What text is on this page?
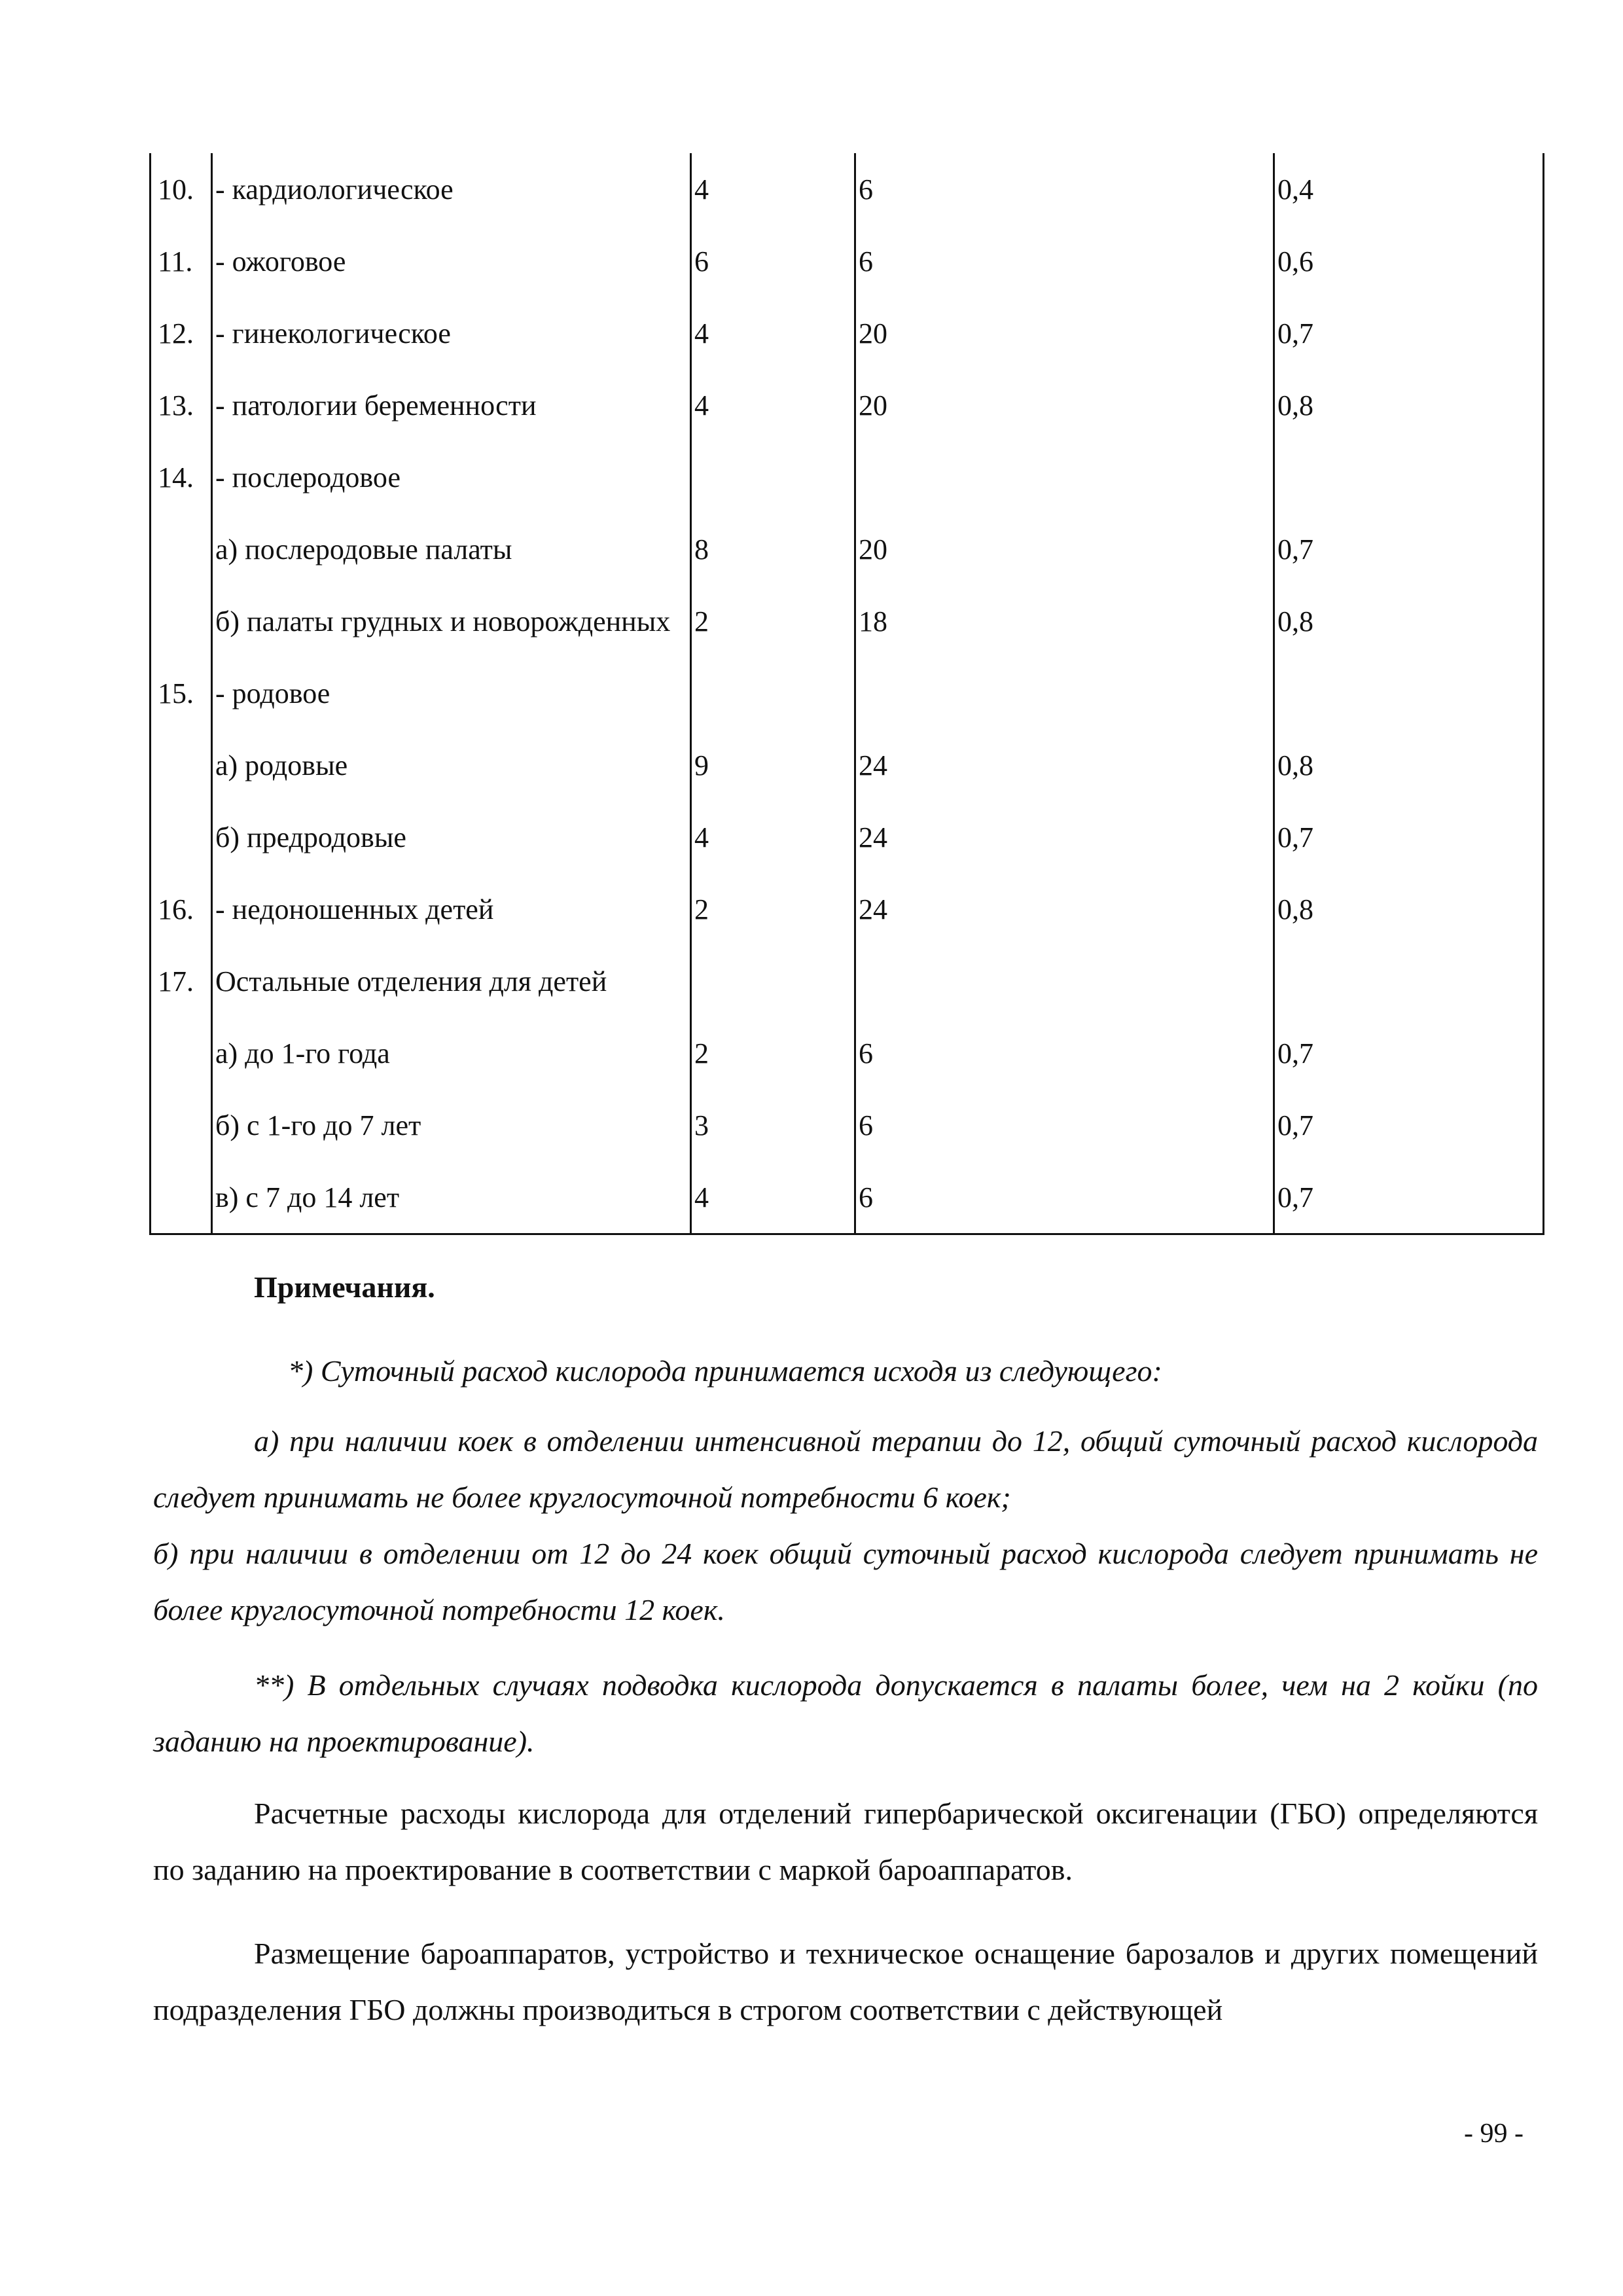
10.	- кардиологическое	4	6	0,4
11.	- ожоговое	6	6	0,6
12.	- гинекологическое	4	20	0,7
13.	- патологии беременности	4	20	0,8
14.	- послеродовое			
	а) послеродовые палаты	8	20	0,7
	б) палаты грудных и новорожденных	2	18	0,8
15.	- родовое			
	а) родовые	9	24	0,8
	б) предродовые	4	24	0,7
16.	- недоношенных детей	2	24	0,8
17.	Остальные отделения для детей			
	а) до 1-го года	2	6	0,7
	б) с 1-го до 7 лет	3	6	0,7
	в) с 7 до 14 лет	4	6	0,7
Примечания.
*) Суточный расход кислорода принимается исходя из следующего:
а) при наличии коек в отделении интенсивной терапии до 12, общий суточный расход кислорода следует принимать не более круглосуточной потребности 6 коек;
б) при наличии в отделении от 12 до 24 коек общий суточный расход кислорода следует принимать не более круглосуточной потребности 12 коек.
**) В отдельных случаях подводка кислорода допускается в палаты более, чем на 2 койки (по заданию на проектирование).
Расчетные расходы кислорода для отделений гипербарической оксигенации (ГБО) определяются по заданию на проектирование в соответствии с маркой бароаппаратов.
Размещение бароаппаратов, устройство и техническое оснащение барозалов и других помещений подразделения ГБО должны производиться в строгом соответствии с действующей
- 99 -
